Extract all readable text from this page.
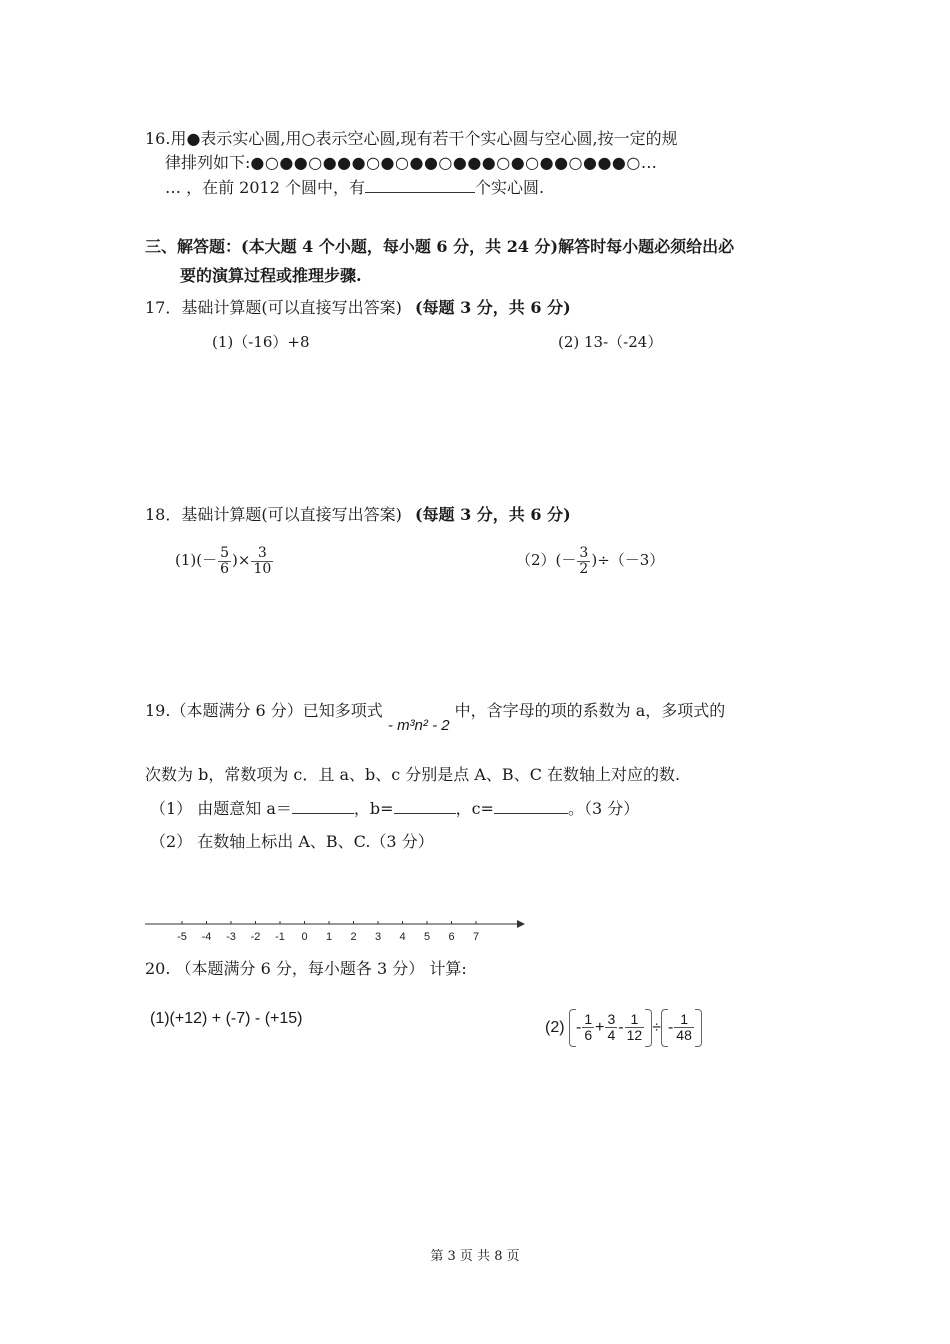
16.用●表示实心圆,用○表示空心圆,现有若干个实心圆与空心圆,按一定的规
律排列如下:●○●●○●●●○●○●●○●●●○●○●●○●●●○…
… ，在前 2012 个圆中，有	个实心圆.
三、解答题：(本大题 4 个小题，每小题 6 分，共 24 分)解答时每小题必须给出必
要的演算过程或推理步骤.
17．基础计算题(可以直接写出答案) (每题 3 分，共 6 分)
(1)（-16）+8	(2) 13-（-24）
18．基础计算题(可以直接写出答案) (每题 3 分，共 6 分)
$(1)(- \frac{5}{6}$ )× $\frac{3}{10}$	$(2)(- \frac{3}{2} )\div(-3)$
19.（本题满分 6 分）已知多项式 - m³n² - 2 中，含字母的项的系数为 a，多项式的
次数为 b，常数项为 c．且 a、b、c 分别是点 A、B、C 在数轴上对应的数.
（1） 由题意知 a＝	，b=	，c=	。（3 分）
（2） 在数轴上标出 A、B、C.（3 分）
-5 -4 -3 -2 -1 0 1 2 3 4 5 6 7
20. （本题满分 6 分，每小题各 3 分） 计算:
(1)(+12) + (-7) - (+15)
$(2) - \frac{1}{6} + \frac{3}{4} - \frac{1}{12}$ ÷ - $\frac{1}{48}$
第 3 页 共 8 页
